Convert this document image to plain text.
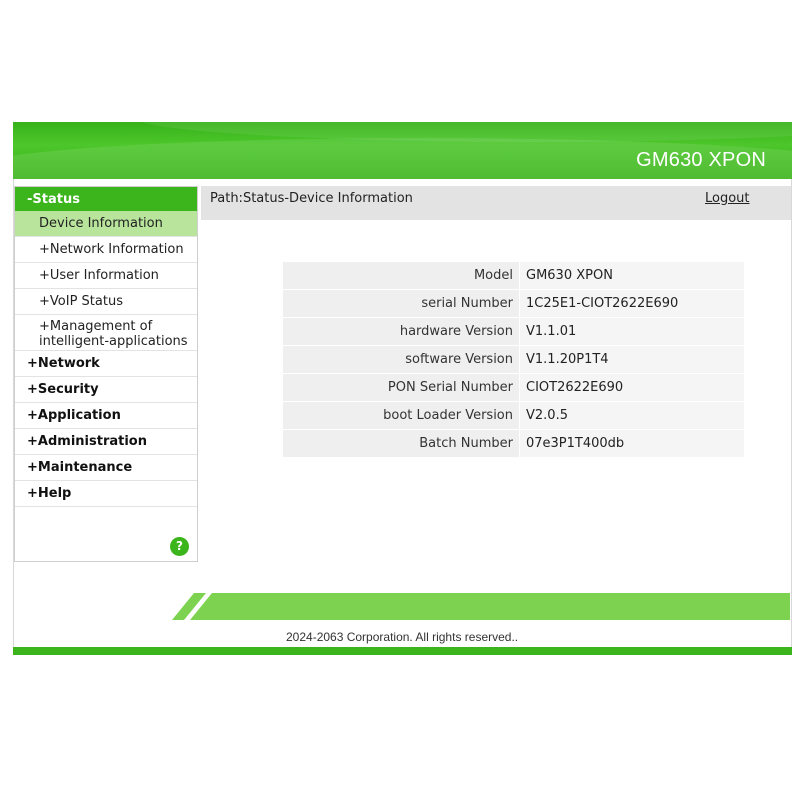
GM630 XPON
-Status
Device Information
+Network Information
+User Information
+VoIP Status
+Management of intelligent-applications
+Network
+Security
+Application
+Administration
+Maintenance
+Help
?
Path:Status-Device Information	Logout
Model	GM630 XPON
serial Number	1C25E1-CIOT2622E690
hardware Version	V1.1.01
software Version	V1.1.20P1T4
PON Serial Number	CIOT2622E690
boot Loader Version	V2.0.5
Batch Number	07e3P1T400db
2024-2063 Corporation. All rights reserved..
